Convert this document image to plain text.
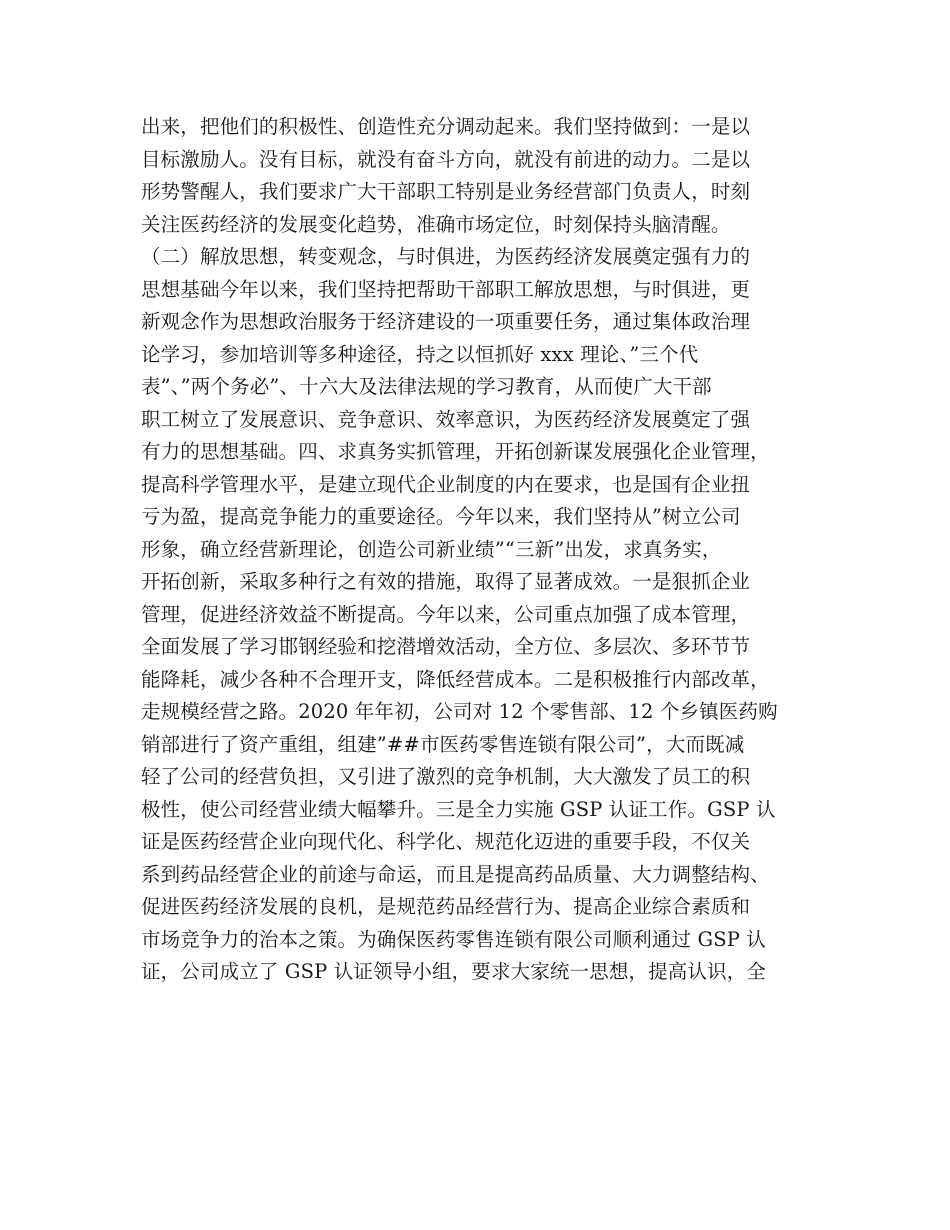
出来，把他们的积极性、创造性充分调动起来。我们坚持做到：一是以
目标激励人。没有目标，就没有奋斗方向，就没有前进的动力。二是以
形势警醒人，我们要求广大干部职工特别是业务经营部门负责人，时刻
关注医药经济的发展变化趋势，准确市场定位，时刻保持头脑清醒。
（二）解放思想，转变观念，与时俱进，为医药经济发展奠定强有力的
思想基础今年以来，我们坚持把帮助干部职工解放思想，与时俱进，更
新观念作为思想政治服务于经济建设的一项重要任务，通过集体政治理
论学习，参加培训等多种途径，持之以恒抓好 xxx 理论、”三个代
表”、”两个务必”、十六大及法律法规的学习教育，从而使广大干部
职工树立了发展意识、竞争意识、效率意识，为医药经济发展奠定了强
有力的思想基础。四、求真务实抓管理，开拓创新谋发展强化企业管理，
提高科学管理水平，是建立现代企业制度的内在要求，也是国有企业扭
亏为盈，提高竞争能力的重要途径。今年以来，我们坚持从”树立公司
形象，确立经营新理论，创造公司新业绩”“三新”出发，求真务实，
开拓创新，采取多种行之有效的措施，取得了显著成效。一是狠抓企业
管理，促进经济效益不断提高。今年以来，公司重点加强了成本管理，
全面发展了学习邯钢经验和挖潜增效活动，全方位、多层次、多环节节
能降耗，减少各种不合理开支，降低经营成本。二是积极推行内部改革，
走规模经营之路。2020 年年初，公司对 12 个零售部、12 个乡镇医药购
销部进行了资产重组，组建”##市医药零售连锁有限公司”，大而既减
轻了公司的经营负担，又引进了激烈的竞争机制，大大激发了员工的积
极性，使公司经营业绩大幅攀升。三是全力实施 GSP 认证工作。GSP 认
证是医药经营企业向现代化、科学化、规范化迈进的重要手段，不仅关
系到药品经营企业的前途与命运，而且是提高药品质量、大力调整结构、
促进医药经济发展的良机，是规范药品经营行为、提高企业综合素质和
市场竞争力的治本之策。为确保医药零售连锁有限公司顺利通过 GSP 认
证，公司成立了 GSP 认证领导小组，要求大家统一思想，提高认识，全
